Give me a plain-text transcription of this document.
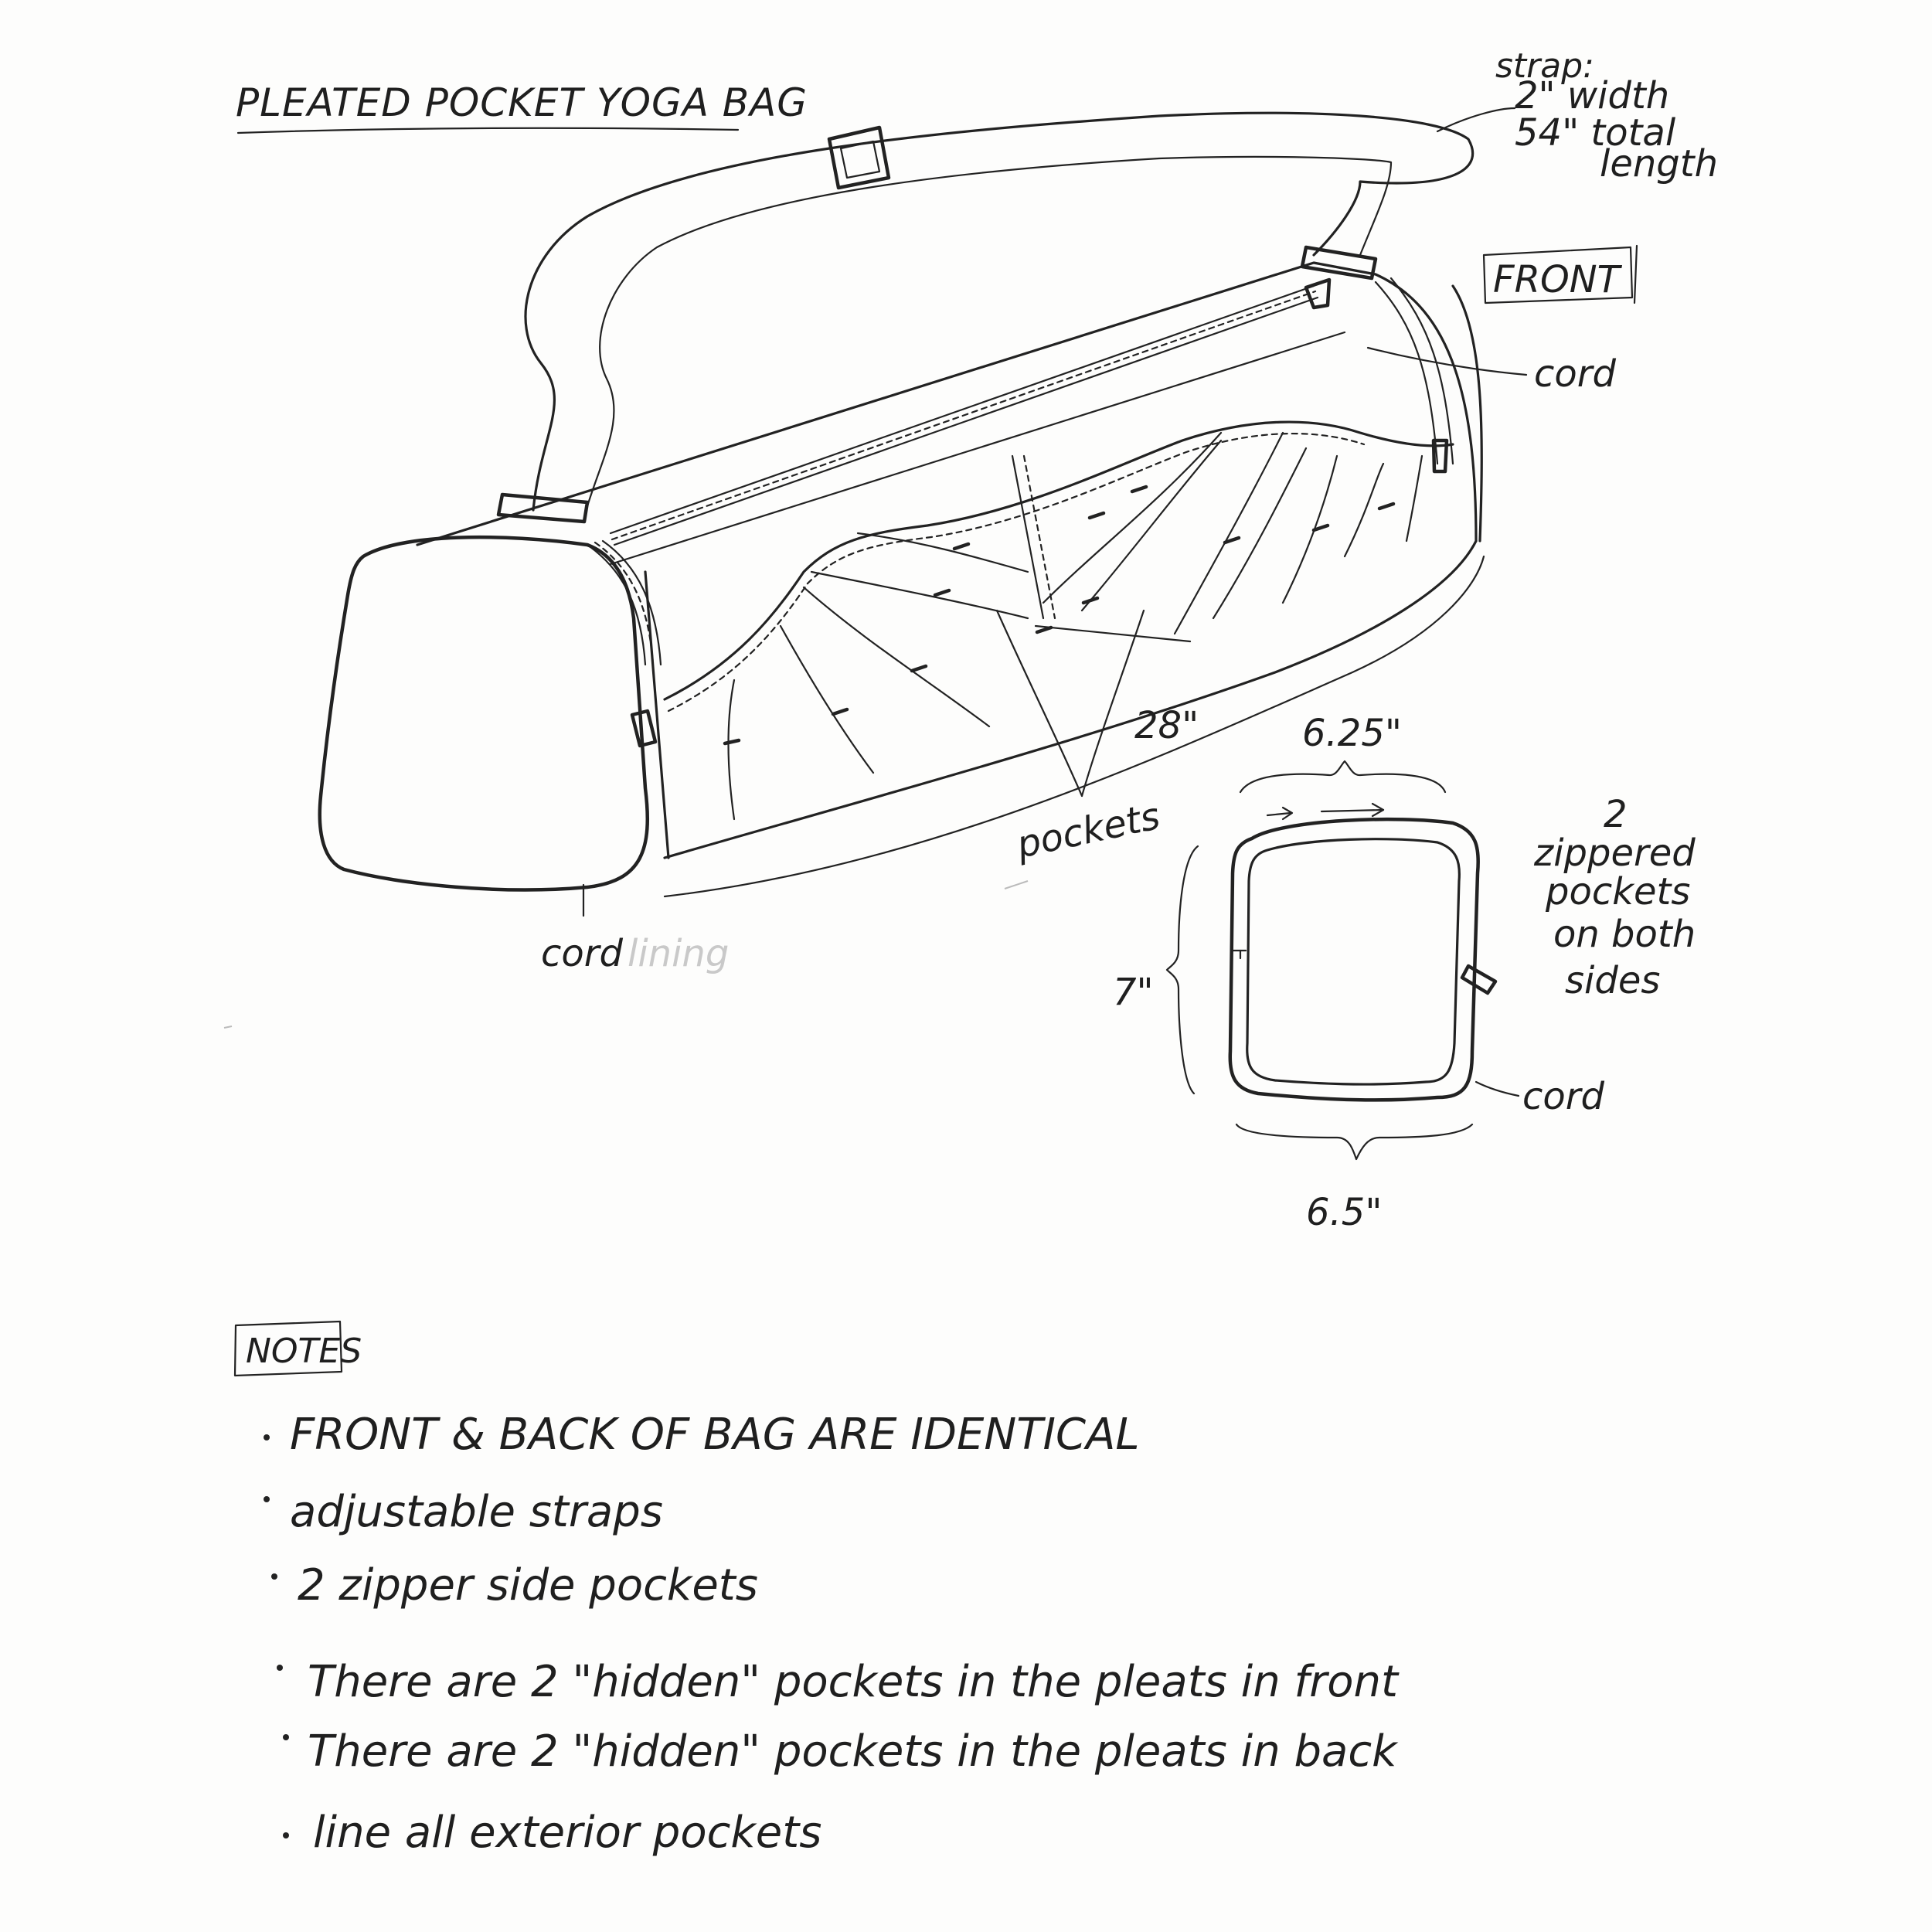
PLEATED POCKET YOGA BAG
strap:
2" width
54" total
length
FRONT
cord
28"
pockets
cord lining
6.25"
7"
6.5"
cord
2
zippered
pockets
on both
sides
NOTES
FRONT & BACK OF BAG ARE IDENTICAL
adjustable straps
2 zipper side pockets
There are 2 "hidden" pockets in the pleats in front
There are 2 "hidden" pockets in the pleats in back
line all exterior pockets
